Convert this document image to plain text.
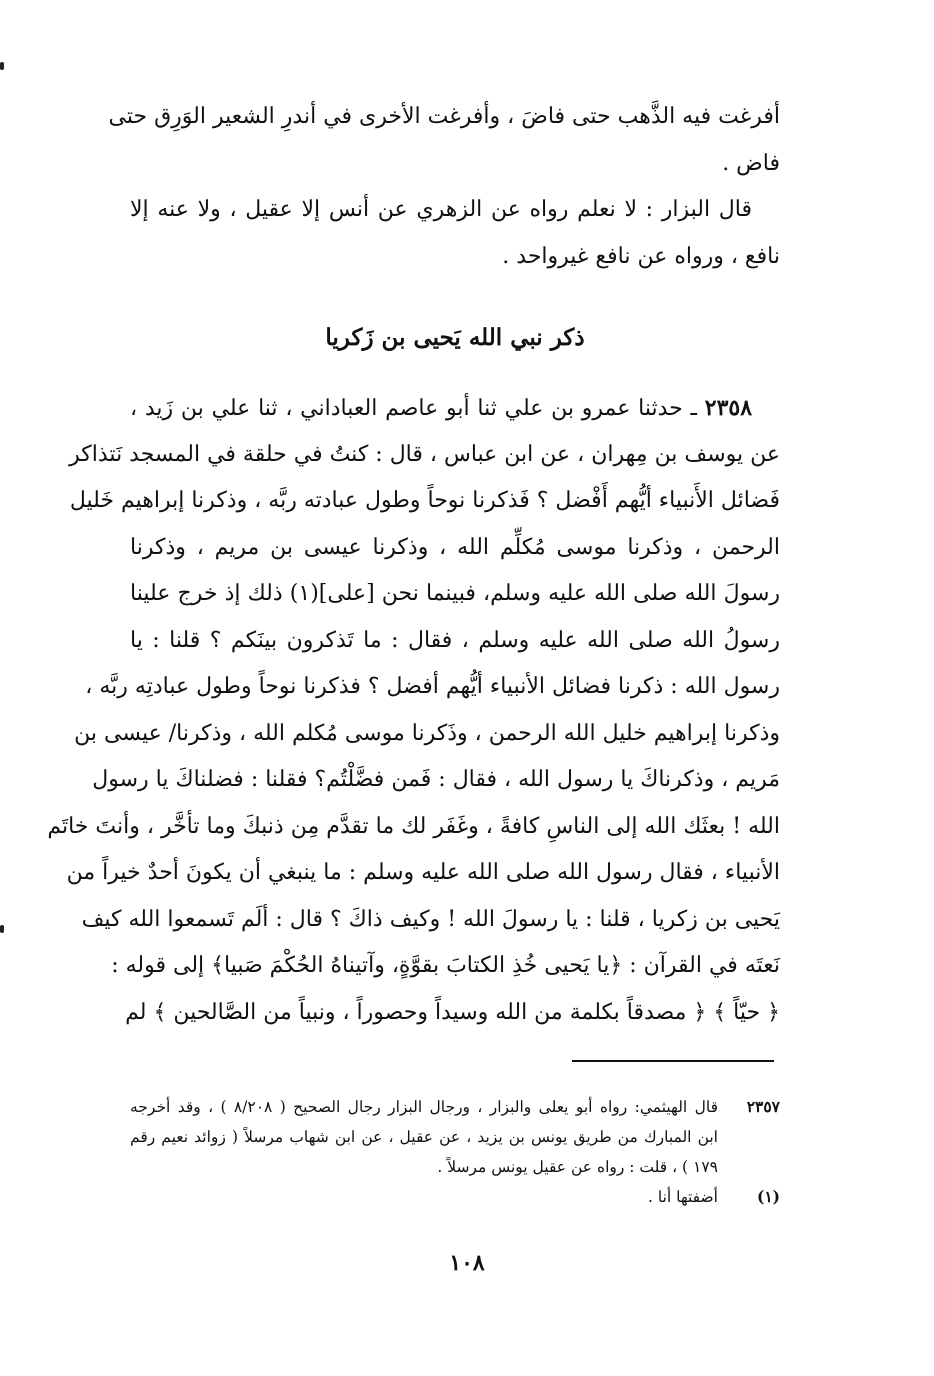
أفرغت فيه الذَّهب حتى فاضَ ، وأفرغت الأخرى في أندرِ الشعير الوَرِق حتى
فاض .
قال البزار : لا نعلم رواه عن الزهري عن أنس إلا عقيل ، ولا عنه إلا
نافع ، ورواه عن نافع غيرواحد .
ذكر نبي الله يَحيى بن زَكريا
٢٣٥٨ ـ حدثنا عمرو بن علي ثنا أبو عاصم العباداني ، ثنا علي بن زَيد ،
عن يوسف بن مِهران ، عن ابن عباس ، قال : كنتُ في حلقة في المسجد نَتذاكر
فَضائل الأَنبياء أيُّهم أَفْضل ؟ فَذكرنا نوحاً وطول عبادته ربَّه ، وذكرنا إبراهيم خَليل
الرحمن ، وذكرنا موسى مُكلِّم الله ، وذكرنا عيسى بن مريم ، وذكرنا
رسولَ الله صلى الله عليه وسلم، فبينما نحن [على](١) ذلك إذ خرج علينا
رسولُ الله صلى الله عليه وسلم ، فقال : ما تَذكرون بينَكم ؟ قلنا : يا
رسول الله : ذكرنا فضائل الأنبياء أيُّهم أفضل ؟ فذكرنا نوحاً وطول عبادتِه ربَّه ،
وذكرنا إبراهيم خليل الله الرحمن ، وذَكرنا موسى مُكلم الله ، وذكرنا/ عيسى بن
مَريم ، وذكرناكَ يا رسول الله ، فقال : فَمن فضَّلْتُم؟ فقلنا : فضلناكَ يا رسول
الله ! بعثَك الله إلى الناسِ كافةً ، وغَفَر لك ما تقدَّم مِن ذنبكَ وما تأخَّر ، وأنتَ خاتَم
الأنبياء ، فقال رسول الله صلى الله عليه وسلم : ما ينبغي أن يكونَ أحدٌ خيراً من
يَحيى بن زكريا ، قلنا : يا رسولَ الله ! وكيف ذاكَ ؟ قال : ألَم تَسمعوا الله كيف
نَعتَه في القرآن : ﴿يا يَحيى خُذِ الكتابَ بقوَّةٍ، وآتيناهُ الحُكْمَ صَبيا﴾ إلى قوله :
﴿ حيّاً ﴾ ﴿ مصدقاً بكلمة من الله وسيداً وحصوراً ، ونبياً من الصَّالحين ﴾ لم
٢٣٥٧
قال الهيثمي: رواه أبو يعلى والبزار ، ورجال البزار رجال الصحيح ( ٨/٢٠٨ ) ، وقد أخرجه
ابن المبارك من طريق يونس بن يزيد ، عن عقيل ، عن ابن شهاب مرسلاً ( زوائد نعيم رقم
١٧٩ ) ، قلت : رواه عن عقيل يونس مرسلاً .
(١)
أضفتها أنا .
١٠٨
